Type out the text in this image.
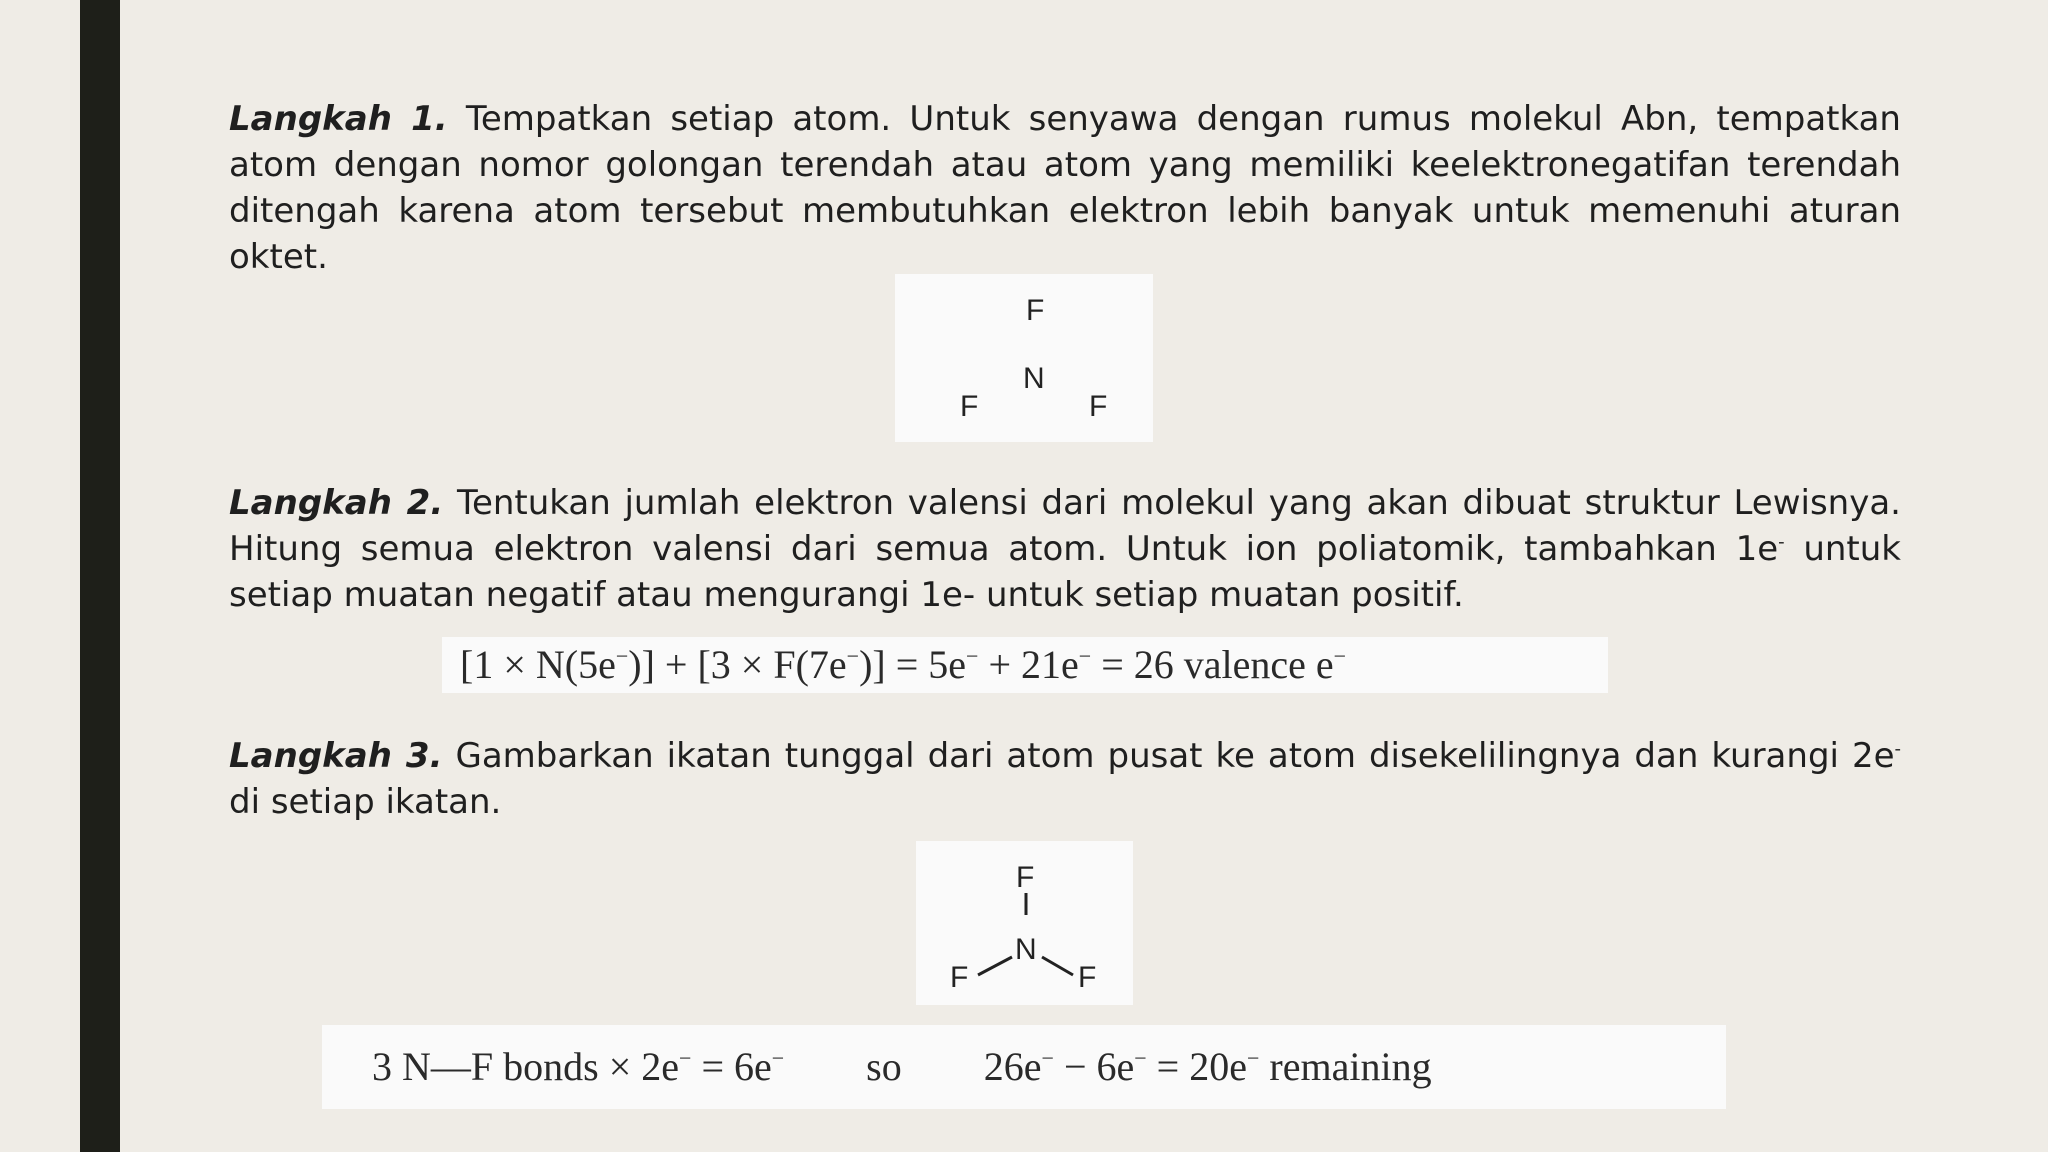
Langkah 1. Tempatkan setiap atom. Untuk senyawa dengan rumus molekul Abn, tempatkan atom dengan nomor golongan terendah atau atom yang memiliki keelektronegatifan terendah ditengah karena atom tersebut membutuhkan elektron lebih banyak untuk memenuhi aturan oktet.

F
N
F	F

Langkah 2. Tentukan jumlah elektron valensi dari molekul yang akan dibuat struktur Lewisnya. Hitung semua elektron valensi dari semua atom. Untuk ion poliatomik, tambahkan 1e- untuk setiap muatan negatif atau mengurangi 1e- untuk setiap muatan positif.

[1 × N(5e−)] + [3 × F(7e−)] = 5e− + 21e− = 26 valence e−

Langkah 3. Gambarkan ikatan tunggal dari atom pusat ke atom disekelilingnya dan kurangi 2e- di setiap ikatan.

F
N
F	F
3 N—F bonds × 2e− = 6e− so 26e− − 6e− = 20e− remaining
